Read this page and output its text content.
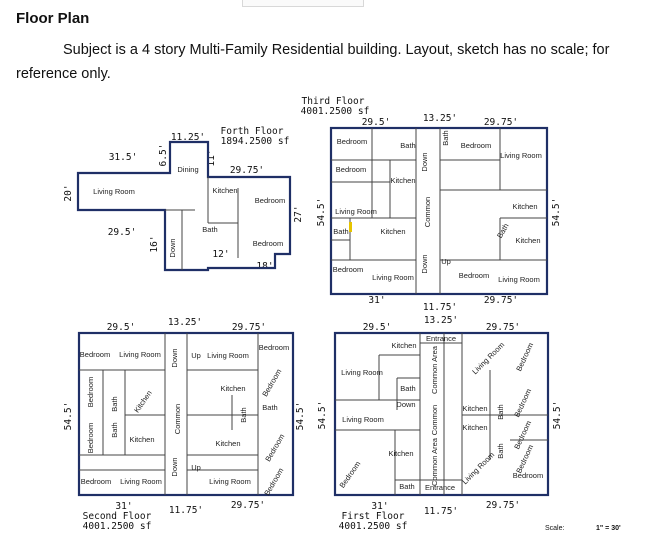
Floor Plan

Subject is a 4 story Multi-Family Residential building. Layout, sketch has no scale; for
reference only.

Forth Floor
1894.2500 sf
11.25'
31.5' 6.5'	11'
29.75'
20'
29.5'
16'
12'
18'
27'
Dining
Living Room	Kitchen
Bedroom
Bath
Bedroom
Down
Third Floor
4001.2500 sf
29.5'	13.25'	29.75'
54.5'	54.5'
31'
11.75'
29.75'
Bedroom	Bath
Bedroom
Kitchen
Living Room
Bath	Kitchen
Bedroom
Living Room
Bath Bedroom
Living Room
Kitchen
Bath
Kitchen
Bedroom Living Room
Down
Common
Down Up
29.5'	13.25'	29.75'
54.5'	54.5'
11.75'	29.75'
31'
Second Floor
4001.2500 sf
Bedroom Living Room Down Up Living Room
Bedroom
Bedroom
Bedroom
Bath
Bath
Kitchen
Kitchen
Common
Kitchen Bedroom
Bath Bath
Kitchen	Bedroom
Down Up
Living Room Bedroom
Bedroom Living Room
29.5'
13.25'
29.75'
54.5'	54.5'
11.75'
29.75'
31'
First Floor
4001.2500 sf
Entrance
Kitchen
Living Room	Common Area	Living Room Bedroom
Bath
Down
Living Room	Common	Kitchen
Kitchen
Bath Bedroom
Bedroom
Kitchen Common Area
Bedroom	Living Room
Bath Entrance
Bedroom
Bath Bedroom
Scale:	1" = 30'
